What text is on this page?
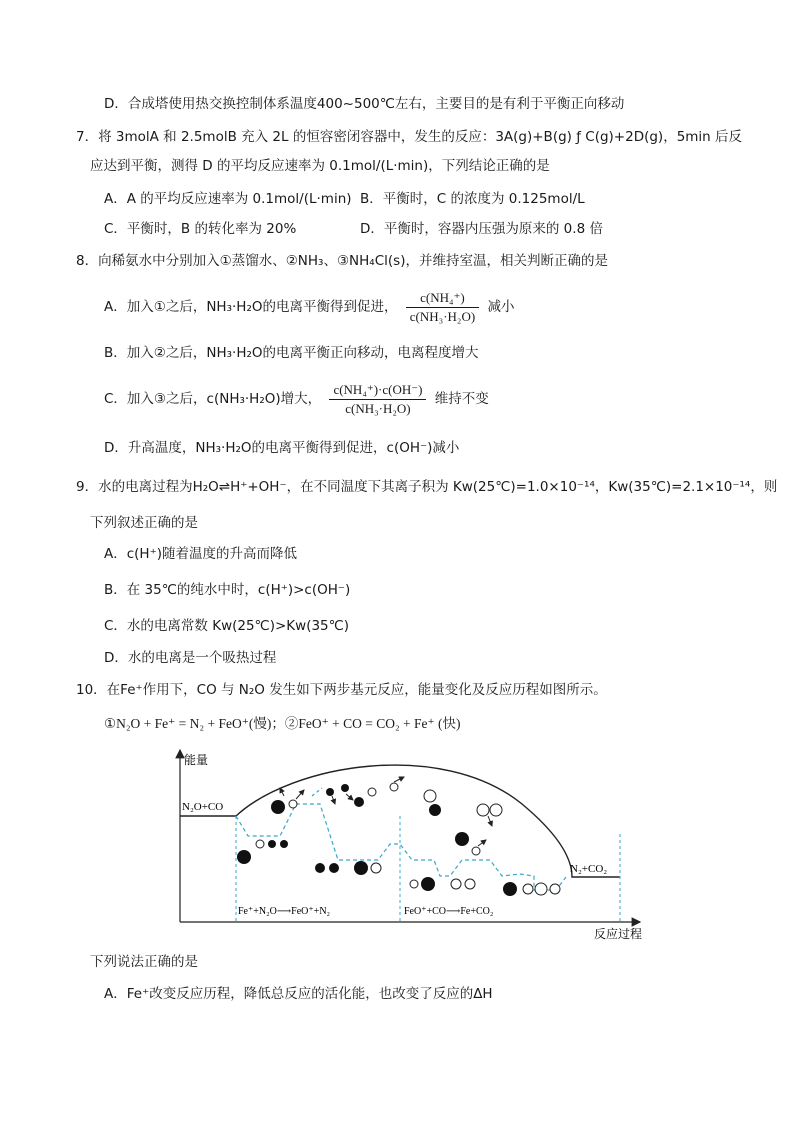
D．合成塔使用热交换控制体系温度400~500℃左右，主要目的是有利于平衡正向移动
7．将 3molA 和 2.5molB 充入 2L 的恒容密闭容器中，发生的反应：3A(g)+B(g) ƒ C(g)+2D(g)，5min 后反
应达到平衡，测得 D 的平均反应速率为 0.1mol/(L·min)，下列结论正确的是
A．A 的平均反应速率为 0.1mol/(L·min) B．平衡时，C 的浓度为 0.125mol/L
C．平衡时，B 的转化率为 20%	D．平衡时，容器内压强为原来的 0.8 倍
8．向稀氨水中分别加入①蒸馏水、②NH₃、③NH₄Cl(s)，并维持室温，相关判断正确的是
A．加入①之后，NH₃·H₂O的电离平衡得到促进， $\frac{\text{c(NH₄⁺)}}{\text{c(NH₃·H₂O)}}$ 减小
B．加入②之后，NH₃·H₂O的电离平衡正向移动，电离程度增大
C．加入③之后，c(NH₃·H₂O)增大， $\frac{\text{c(NH₄⁺)·c(OH⁻)}}{\text{c(NH₃·H₂O)}}$ 维持不变
D．升高温度，NH₃·H₂O的电离平衡得到促进，c(OH⁻)减小
9．水的电离过程为H₂O⇌H⁺+OH⁻，在不同温度下其离子积为 Kw(25℃)=1.0×10⁻¹⁴，Kw(35℃)=2.1×10⁻¹⁴，则
下列叙述正确的是
A．c(H⁺)随着温度的升高而降低
B．在 35℃的纯水中时，c(H⁺)>c(OH⁻)
C．水的电离常数 Kw(25℃)>Kw(35℃)
D．水的电离是一个吸热过程
10．在Fe⁺作用下，CO 与 N₂O 发生如下两步基元反应，能量变化及反应历程如图所示。
①N₂O + Fe⁺ = N₂ + FeO⁺(慢)；②FeO⁺ + CO = CO₂ + Fe⁺ (快)
能量
反应过程
N₂O+CO
N₂+CO₂
Fe⁺+N₂O⟶FeO⁺+N₂	FeO⁺+CO⟶Fe+CO₂
下列说法正确的是
A．Fe⁺改变反应历程，降低总反应的活化能，也改变了反应的ΔH
